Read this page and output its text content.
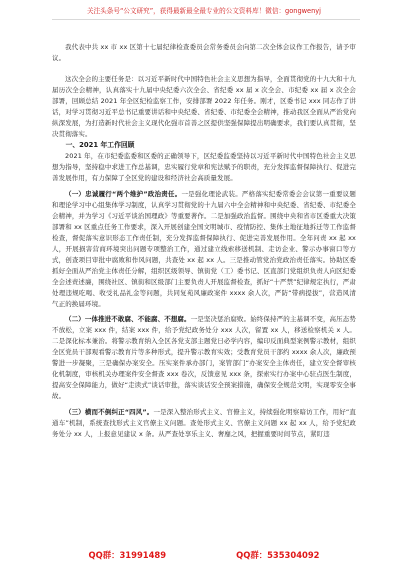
关注头条号“公文研究”，获得最新最全最专业的公文资料库！微信：gongwenyj

我代表中共 xx 市 xx 区第十七届纪律检查委员会常务委员会向第二次全体会议作工作报告，请予审议。

这次全会的主要任务是：以习近平新时代中国特色社会主义思想为指导，全面贯彻党的十九大和十九届历次全会精神，认真落实十九届中央纪委六次全会、省纪委 xx 届 x 次全会、市纪委 xx 届 x 次全会部署，回顾总结 2021 年全区纪检监察工作，安排部署 2022 年任务。刚才，区委书记 xxx 同志作了讲话，对学习贯彻习近平总书记重要讲话和中央纪委、省纪委、市纪委全会精神，推动我区全面从严治党向纵深发展，为打造新时代社会主义现代化强市首善之区提供坚强保障提出明确要求，我们要认真贯彻，坚决贯彻落实。

一、2021 年工作回顾

2021 年，在市纪委监委和区委的正确领导下，区纪委监委坚持以习近平新时代中国特色社会主义思想为指导，坚持稳中求进工作总基调，忠实履行党章和宪法赋予的职责，充分发挥监督保障执行、促进完善发展作用，有力保障了全区党的建设和经济社会高质量发展。

（一）忠诚履行“两个维护”政治责任。一是强化理论武装。严格落实纪委常委会会议第一重要议题和理论学习中心组集体学习制度，认真学习贯彻党的十九届六中全会精神和中央纪委、省纪委、市纪委全会精神，并为学习《习近平谈治国理政》等重要著作。二是加强政治监督。围绕中央和省市区委重大决策部署和 xx 区重点任务工作要求，深入开展创建全国文明城市、疫情防控、集体土地征地拆迁等工作监督检查，督促落实意识形态工作责任制，充分发挥监督保障执行、促进完善发展作用。全年问责 xx 起 xx 人，开展损害营商环境突出问题专项整治工作，通过建立线索移送机制、走访企业、警示办事窗口等方式，创查项目审批中腐败和作风问题，共查处 xx 起 xx 人。三是推动管党治党政治责任落实。协助区委抓好全面从严治党主体责任分解，组织区级领导、镇街党（工）委书记、区直部门党组织负责人向区纪委全会述责述廉，围绕社区、镇街和区级部门主要负责人开展监督检查，抓好“十严禁”纪律规定执行，严肃处理违规吃喝、收受礼品礼金等问题，共同复苑风廉政案件 xxxx 余人次，严防“带病提拔”，营造风清气正的换届环境。

（二）一体推进不敢腐、不能腐、不想腐。一是坚决惩治腐败。始终保持严的主基调不变，高压态势不放松，立案 xxx 件，结案 xxx 件，给予党纪政务处分 xxx 人次，留置 xx 人，移送检察机关 x 人。二是深化标本兼治。将警示教育纳入全区各党支部主题党日必学内容，编印反面典型案例警示教材，组织全区党员干部观看警示教育片等多种形式，提升警示教育实效；受教育党员干部约 xxxx 余人次，廉政预警进一步凝聚，三是确保办案安全。压实案件承办部门，案管部门“办案安全主体责任，建立安全督审核化机制度，审核机关办理案件安全督查 xxx 卷次，反馈意见 xxx 条，探索实行办案中心驻点医生制度，提高安全保障能力，做好“走读式”谈话审批，落实谈话安全预案措施，确保安全规范文明，实现零安全事故。

（三）横而不倒纠正“四风”。一是深入整治形式主义、官僚主义，持续强化明察暗访工作，用好“直通车”机制，系统查找形式主义官僚主义问题。查处形式主义、官僚主义问题 xx 起 xx 人，给予党纪政务处分 xx 人，上报意见建议 x 条。从严查处享乐主义、奢靡之风，把握重要时间节点，紧盯违

QQ群：31991489	QQ群：535304092
